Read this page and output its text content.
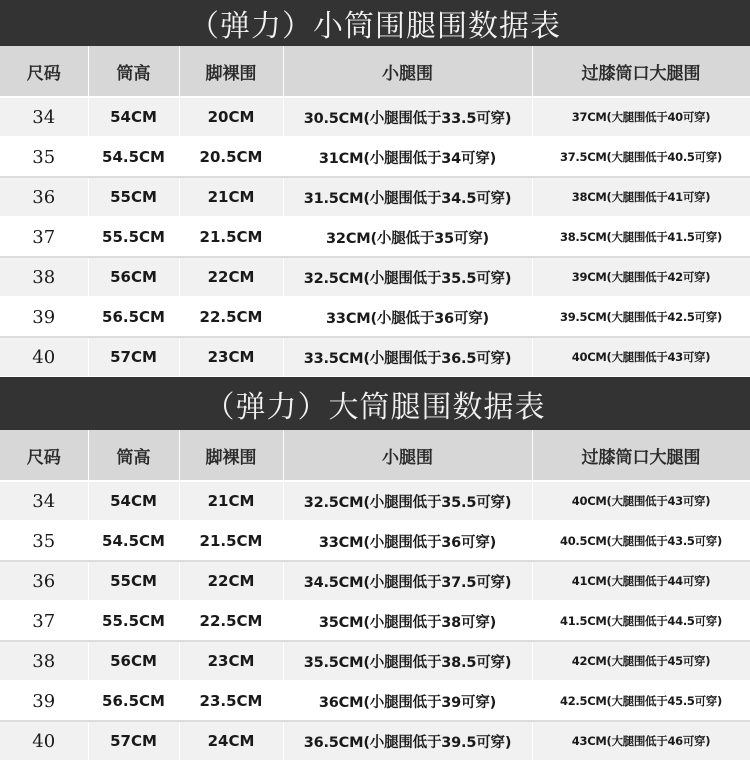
（弹力）小筒围腿围数据表
尺码	筒高	脚裸围	小腿围	过膝筒口大腿围
34	54CM	20CM	30.5CM(小腿围低于33.5可穿)	37CM(大腿围低于40可穿)
35	54.5CM	20.5CM	31CM(小腿围低于34可穿)	37.5CM(大腿围低于40.5可穿)
36	55CM	21CM	31.5CM(小腿围低于34.5可穿)	38CM(大腿围低于41可穿)
37	55.5CM	21.5CM	32CM(小腿低于35可穿)	38.5CM(大腿围低于41.5可穿)
38	56CM	22CM	32.5CM(小腿围低于35.5可穿)	39CM(大腿围低于42可穿)
39	56.5CM	22.5CM	33CM(小腿低于36可穿)	39.5CM(大腿围低于42.5可穿)
40	57CM	23CM	33.5CM(小腿围低于36.5可穿)	40CM(大腿围低于43可穿)
（弹力）大筒腿围数据表
尺码	筒高	脚裸围	小腿围	过膝筒口大腿围
34	54CM	21CM	32.5CM(小腿围低于35.5可穿)	40CM(大腿围低于43可穿)
35	54.5CM	21.5CM	33CM(小腿围低于36可穿)	40.5CM(大腿围低于43.5可穿)
36	55CM	22CM	34.5CM(小腿围低于37.5可穿)	41CM(大腿围低于44可穿)
37	55.5CM	22.5CM	35CM(小腿围低于38可穿)	41.5CM(大腿围低于44.5可穿)
38	56CM	23CM	35.5CM(小腿围低于38.5可穿)	42CM(大腿围低于45可穿)
39	56.5CM	23.5CM	36CM(小腿围低于39可穿)	42.5CM(大腿围低于45.5可穿)
40	57CM	24CM	36.5CM(小腿围低于39.5可穿)	43CM(大腿围低于46可穿)
